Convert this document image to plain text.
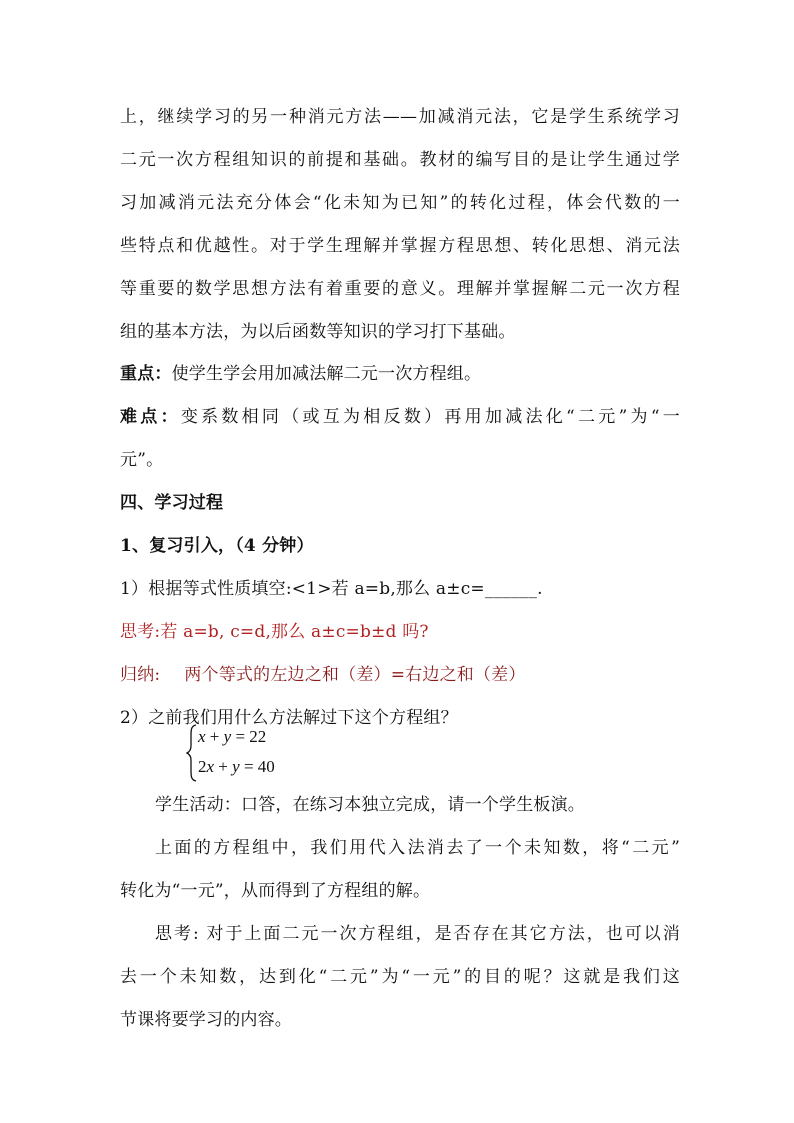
上，继续学习的另一种消元方法——加减消元法，它是学生系统学习
二元一次方程组知识的前提和基础。教材的编写目的是让学生通过学
习加减消元法充分体会“化未知为已知”的转化过程，体会代数的一
些特点和优越性。对于学生理解并掌握方程思想、转化思想、消元法
等重要的数学思想方法有着重要的意义。理解并掌握解二元一次方程
组的基本方法，为以后函数等知识的学习打下基础。
重点：使学生学会用加减法解二元一次方程组。
难点：变系数相同（或互为相反数）再用加减法化“二元”为“一
元”。
四、学习过程
1、复习引入，（4 分钟）
1）根据等式性质填空:<1>若 a=b,那么 a±c=______.
思考:若 a=b, c=d,那么 a±c=b±d 吗?
归纳: 两个等式的左边之和（差）=右边之和（差）
2）之前我们用什么方法解过下这个方程组？
x + y = 22
2x + y = 40
学生活动：口答，在练习本独立完成，请一个学生板演。
上面的方程组中，我们用代入法消去了一个未知数，将“二元”
转化为“一元”，从而得到了方程组的解。
思考: 对于上面二元一次方程组，是否存在其它方法，也可以消
去一个未知数，达到化“二元”为“一元”的目的呢？这就是我们这
节课将要学习的内容。
